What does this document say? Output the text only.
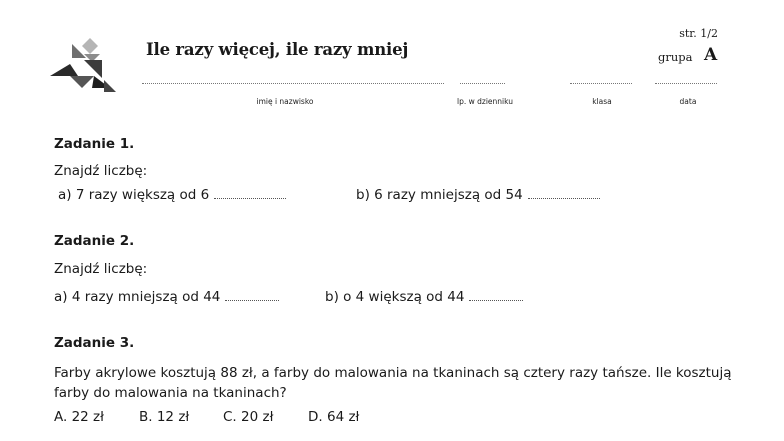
Ile razy więcej, ile razy mniej
str. 1/2
grupa A
imię i nazwisko	lp. w dzienniku	klasa	data
Zadanie 1.
Znajdź liczbę:
a) 7 razy większą od 6	b) 6 razy mniejszą od 54
Zadanie 2.
Znajdź liczbę:
a) 4 razy mniejszą od 44	b) o 4 większą od 44
Zadanie 3.
Farby akrylowe kosztują 88 zł, a farby do malowania na tkaninach są cztery razy tańsze. Ile kosztują farby do malowania na tkaninach?
A. 22 zł	B. 12 zł	C. 20 zł	D. 64 zł
